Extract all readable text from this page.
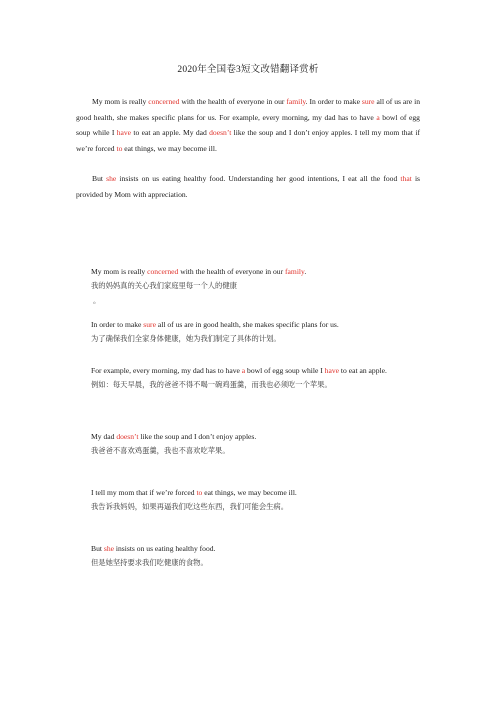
2020年全国卷3短文改错翻译赏析
My mom is really concerned with the health of everyone in our family. In order to make sure all of us are in good health, she makes specific plans for us. For example, every morning, my dad has to have a bowl of egg soup while I have to eat an apple. My dad doesn’t like the soup and I don’t enjoy apples. I tell my mom that if we’re forced to eat things, we may become ill.
But she insists on us eating healthy food. Understanding her good intentions, I eat all the food that is provided by Mom with appreciation.
My mom is really concerned with the health of everyone in our family.
我的妈妈真的关心我们家庭里每一个人的健康
。
In order to make sure all of us are in good health, she makes specific plans for us.
为了确保我们全家身体健康，她为我们制定了具体的计划。
For example, every morning, my dad has to have a bowl of egg soup while I have to eat an apple.
例如：每天早晨，我的爸爸不得不喝一碗鸡蛋羹，而我也必须吃一个苹果。
My dad doesn’t like the soup and I don’t enjoy apples.
我爸爸不喜欢鸡蛋羹，我也不喜欢吃苹果。
I tell my mom that if we’re forced to eat things, we may become ill.
我告诉我妈妈，如果再逼我们吃这些东西，我们可能会生病。
But she insists on us eating healthy food.
但是她坚持要求我们吃健康的食物。
